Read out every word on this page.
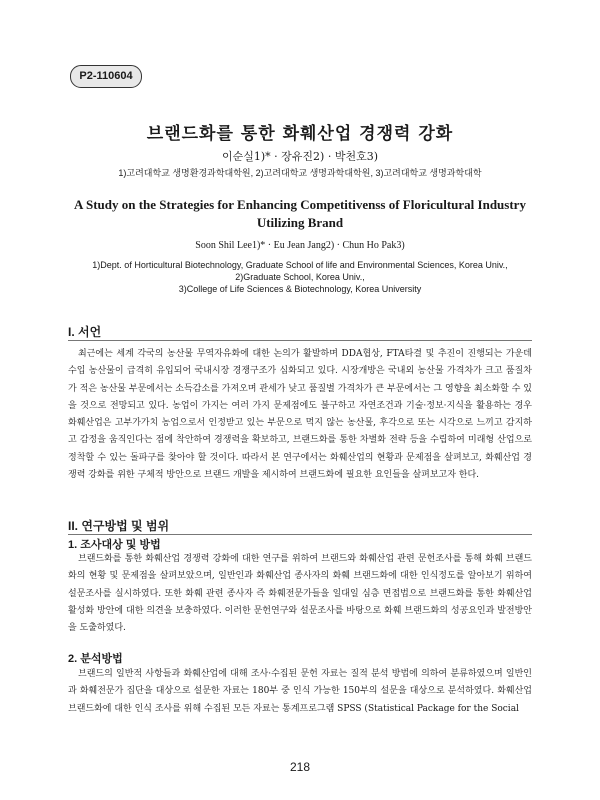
P2-110604
브랜드화를 통한 화훼산업 경쟁력 강화
이순실1)* · 장유진2) · 박천호3)
1)고려대학교 생명환경과학대학원, 2)고려대학교 생명과학대학원, 3)고려대학교 생명과학대학
A Study on the Strategies for Enhancing Competitivenss of Floricultural Industry Utilizing Brand
Soon Shil Lee1)* · Eu Jean Jang2) · Chun Ho Pak3)
1)Dept. of Horticultural Biotechnology, Graduate School of life and Environmental Sciences, Korea Univ.,
2)Graduate School, Korea Univ.,
3)College of Life Sciences & Biotechnology, Korea University
I. 서언
최근에는 세계 각국의 농산물 무역자유화에 대한 논의가 활발하며 DDA협상, FTA타결 및 추진이 진행되는 가운데 수입 농산물이 급격히 유입되어 국내시장 경쟁구조가 심화되고 있다. 시장개방은 국내외 농산물 가격차가 크고 품질차가 적은 농산물 부문에서는 소득감소를 가져오며 관세가 낮고 품질별 가격차가 큰 부문에서는 그 영향을 최소화할 수 있을 것으로 전망되고 있다. 농업이 가지는 여러 가지 문제점에도 불구하고 자연조건과 기술·정보·지식을 활용하는 경우 화훼산업은 고부가가치 농업으로서 인정받고 있는 부문으로 먹지 않는 농산물, 후각으로 또는 시각으로 느끼고 감지하고 감정을 움직인다는 점에 착안하여 경쟁력을 확보하고, 브랜드화를 통한 차별화 전략 등을 수립하여 미래형 산업으로 정착할 수 있는 돌파구를 찾아야 할 것이다. 따라서 본 연구에서는 화훼산업의 현황과 문제점을 살펴보고, 화훼산업 경쟁력 강화를 위한 구체적 방안으로 브랜드 개발을 제시하여 브랜드화에 필요한 요인들을 살펴보고자 한다.
II. 연구방법 및 범위
1. 조사대상 및 방법
브랜드화를 통한 화훼산업 경쟁력 강화에 대한 연구를 위하여 브랜드와 화훼산업 관련 문헌조사를 통해 화훼 브랜드화의 현황 및 문제점을 살펴보았으며, 일반인과 화훼산업 종사자의 화훼 브랜드화에 대한 인식정도를 알아보기 위하여 설문조사를 실시하였다. 또한 화훼 관련 종사자 즉 화훼전문가들을 일대일 심층 면접법으로 브랜드화를 통한 화훼산업 활성화 방안에 대한 의견을 보충하였다. 이러한 문헌연구와 설문조사를 바탕으로 화훼 브랜드화의 성공요인과 발전방안을 도출하였다.
2. 분석방법
브랜드의 일반적 사항들과 화훼산업에 대해 조사·수집된 문헌 자료는 질적 분석 방법에 의하여 분류하였으며 일반인과 화훼전문가 집단을 대상으로 설문한 자료는 180부 중 인식 가능한 150부의 설문을 대상으로 분석하였다. 화훼산업 브랜드화에 대한 인식 조사를 위해 수집된 모든 자료는 통계프로그램 SPSS (Statistical Package for the Social
218
